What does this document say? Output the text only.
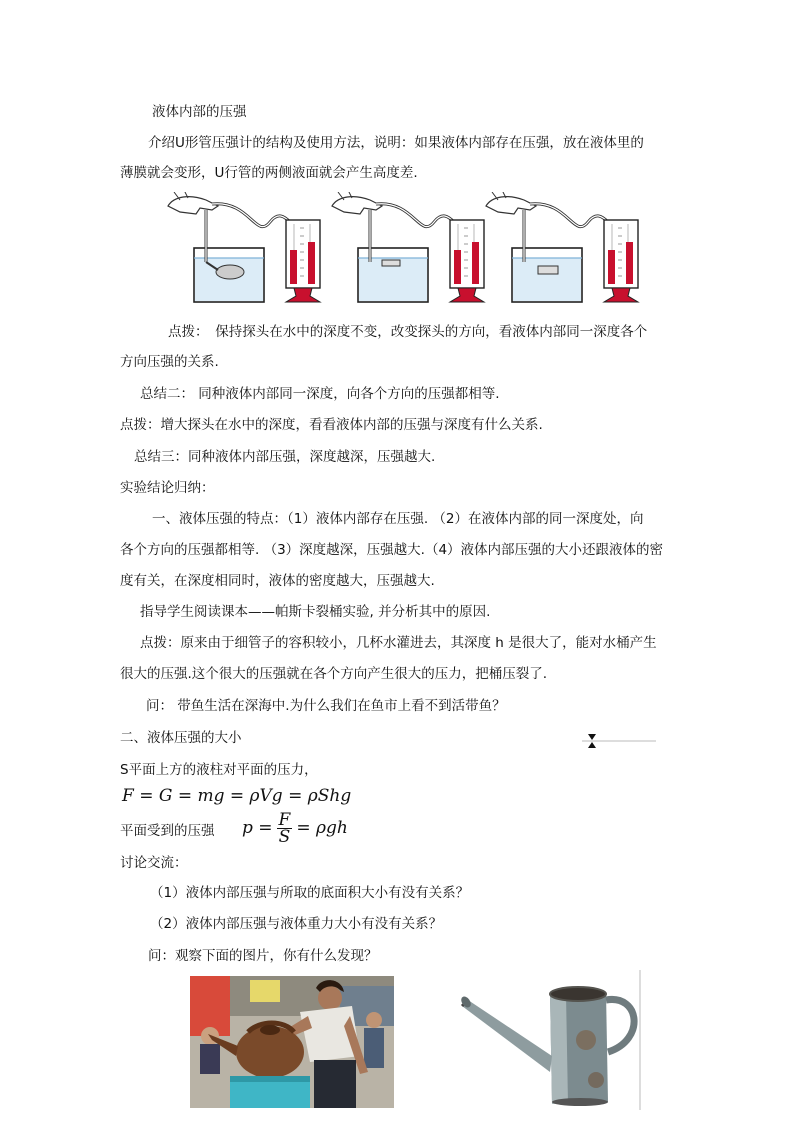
液体内部的压强
介绍U形管压强计的结构及使用方法，说明：如果液体内部存在压强，放在液体里的
薄膜就会变形，U行管的两侧液面就会产生高度差.
点拨：　保持探头在水中的深度不变，改变探头的方向，看液体内部同一深度各个
方向压强的关系.
总结二： 同种液体内部同一深度，向各个方向的压强都相等.
点拨：增大探头在水中的深度，看看液体内部的压强与深度有什么关系.
总结三：同种液体内部压强，深度越深，压强越大.
实验结论归纳：
一、液体压强的特点：（1）液体内部存在压强. （2）在液体内部的同一深度处，向
各个方向的压强都相等. （3）深度越深，压强越大.（4）液体内部压强的大小还跟液体的密
度有关，在深度相同时，液体的密度越大，压强越大.
指导学生阅读课本——帕斯卡裂桶实验, 并分析其中的原因.
点拨：原来由于细管子的容积较小，几杯水灌进去，其深度 h 是很大了，能对水桶产生
很大的压强.这个很大的压强就在各个方向产生很大的压力，把桶压裂了.
问： 带鱼生活在深海中.为什么我们在鱼市上看不到活带鱼？
二、液体压强的大小
S平面上方的液柱对平面的压力，
F = G = mg = ρVg = ρShg
平面受到的压强 $p = \frac{F}{S} = \rho gh$
讨论交流：
（1）液体内部压强与所取的底面积大小有没有关系？
（2）液体内部压强与液体重力大小有没有关系？
问：观察下面的图片，你有什么发现？
